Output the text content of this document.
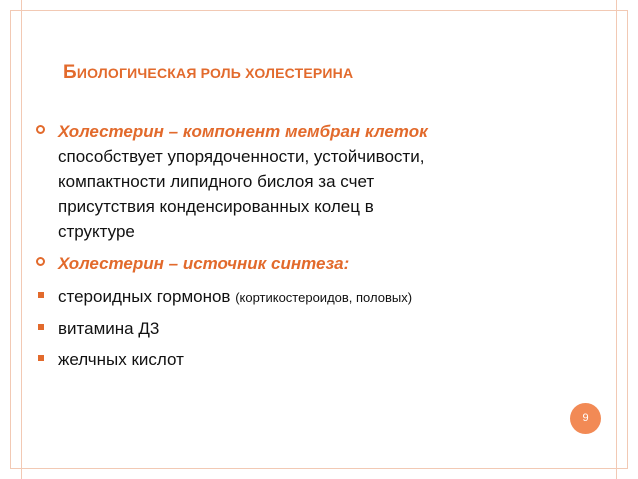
БИОЛОГИЧЕСКАЯ РОЛЬ ХОЛЕСТЕРИНА
Холестерин – компонент мембран клеток
способствует упорядоченности, устойчивости,
компактности липидного бислоя за счет
присутствия конденсированных колец в
структуре
Холестерин – источник синтеза:
стероидных гормонов (кортикостероидов, половых)
витамина Д3
желчных кислот
9
